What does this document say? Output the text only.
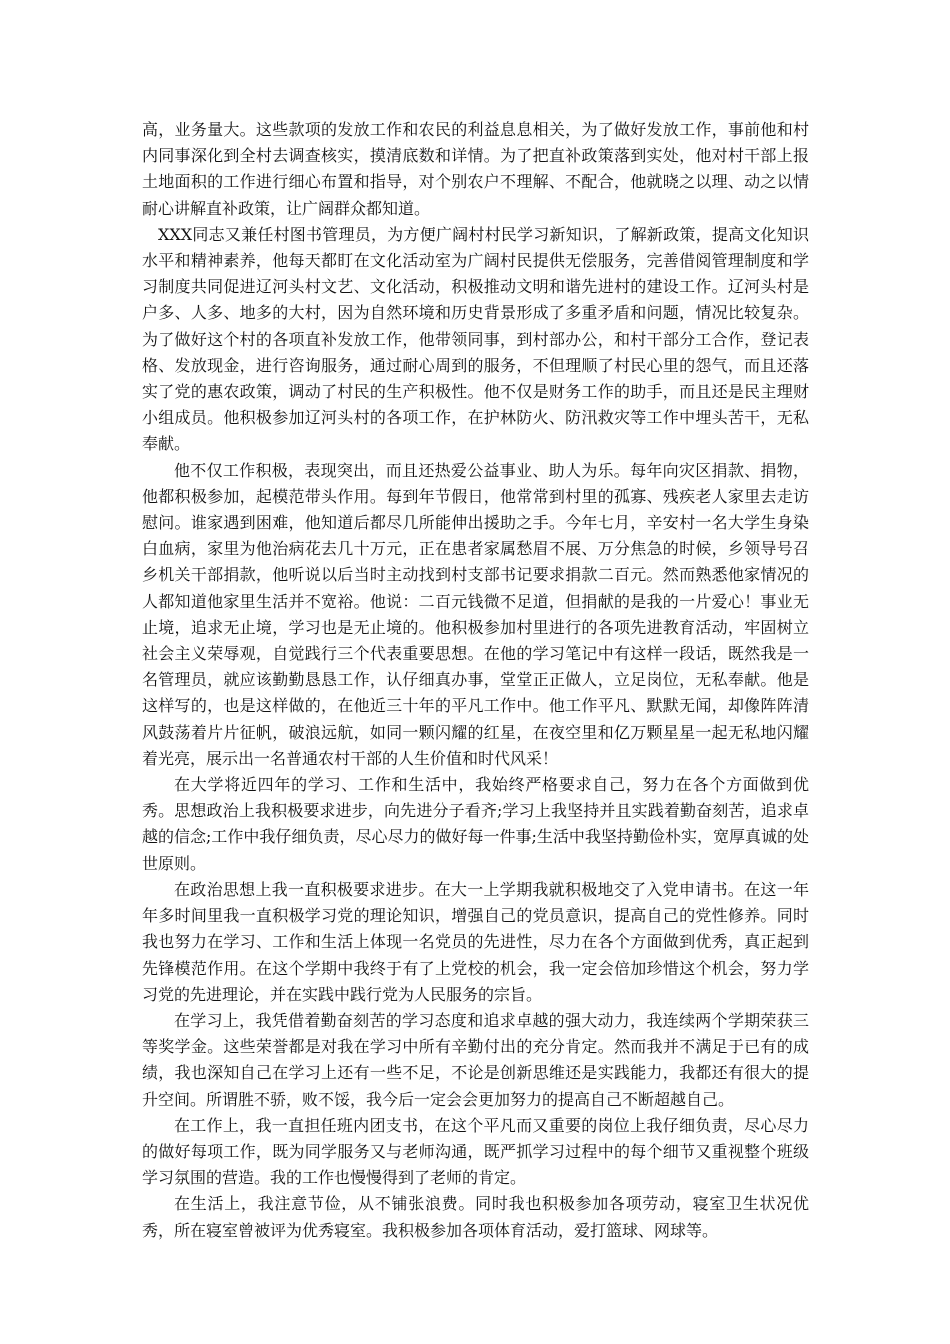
高，业务量大。这些款项的发放工作和农民的利益息息相关，为了做好发放工作，事前他和村内同事深化到全村去调查核实，摸清底数和详情。为了把直补政策落到实处，他对村干部上报土地面积的工作进行细心布置和指导，对个别农户不理解、不配合，他就晓之以理、动之以情耐心讲解直补政策，让广阔群众都知道。

XXX同志又兼任村图书管理员，为方便广阔村村民学习新知识，了解新政策，提高文化知识水平和精神素养，他每天都盯在文化活动室为广阔村民提供无偿服务，完善借阅管理制度和学习制度共同促进辽河头村文艺、文化活动，积极推动文明和谐先进村的建设工作。辽河头村是户多、人多、地多的大村，因为自然环境和历史背景形成了多重矛盾和问题，情况比较复杂。为了做好这个村的各项直补发放工作，他带领同事，到村部办公，和村干部分工合作，登记表格、发放现金，进行咨询服务，通过耐心周到的服务，不但理顺了村民心里的怨气，而且还落实了党的惠农政策，调动了村民的生产积极性。他不仅是财务工作的助手，而且还是民主理财小组成员。他积极参加辽河头村的各项工作，在护林防火、防汛救灾等工作中埋头苦干，无私奉献。

他不仅工作积极，表现突出，而且还热爱公益事业、助人为乐。每年向灾区捐款、捐物，他都积极参加，起模范带头作用。每到年节假日，他常常到村里的孤寡、残疾老人家里去走访慰问。谁家遇到困难，他知道后都尽几所能伸出援助之手。今年七月，辛安村一名大学生身染白血病，家里为他治病花去几十万元，正在患者家属愁眉不展、万分焦急的时候，乡领导号召乡机关干部捐款，他听说以后当时主动找到村支部书记要求捐款二百元。然而熟悉他家情况的人都知道他家里生活并不宽裕。他说：二百元钱微不足道，但捐献的是我的一片爱心！事业无止境，追求无止境，学习也是无止境的。他积极参加村里进行的各项先进教育活动，牢固树立社会主义荣辱观，自觉践行三个代表重要思想。在他的学习笔记中有这样一段话，既然我是一名管理员，就应该勤勤恳恳工作，认仔细真办事，堂堂正正做人，立足岗位，无私奉献。他是这样写的，也是这样做的，在他近三十年的平凡工作中。他工作平凡、默默无闻，却像阵阵清风鼓荡着片片征帆，破浪远航，如同一颗闪耀的红星，在夜空里和亿万颗星星一起无私地闪耀着光亮，展示出一名普通农村干部的人生价值和时代风采！

在大学将近四年的学习、工作和生活中，我始终严格要求自己，努力在各个方面做到优秀。思想政治上我积极要求进步，向先进分子看齐;学习上我坚持并且实践着勤奋刻苦，追求卓越的信念;工作中我仔细负责，尽心尽力的做好每一件事;生活中我坚持勤俭朴实，宽厚真诚的处世原则。

在政治思想上我一直积极要求进步。在大一上学期我就积极地交了入党申请书。在这一年年多时间里我一直积极学习党的理论知识，增强自己的党员意识，提高自己的党性修养。同时我也努力在学习、工作和生活上体现一名党员的先进性，尽力在各个方面做到优秀，真正起到先锋模范作用。在这个学期中我终于有了上党校的机会，我一定会倍加珍惜这个机会，努力学习党的先进理论，并在实践中践行党为人民服务的宗旨。

在学习上，我凭借着勤奋刻苦的学习态度和追求卓越的强大动力，我连续两个学期荣获三等奖学金。这些荣誉都是对我在学习中所有辛勤付出的充分肯定。然而我并不满足于已有的成绩，我也深知自己在学习上还有一些不足，不论是创新思维还是实践能力，我都还有很大的提升空间。所谓胜不骄，败不馁，我今后一定会会更加努力的提高自己不断超越自己。

在工作上，我一直担任班内团支书，在这个平凡而又重要的岗位上我仔细负责，尽心尽力的做好每项工作，既为同学服务又与老师沟通，既严抓学习过程中的每个细节又重视整个班级学习氛围的营造。我的工作也慢慢得到了老师的肯定。

在生活上，我注意节俭，从不铺张浪费。同时我也积极参加各项劳动，寝室卫生状况优秀，所在寝室曾被评为优秀寝室。我积极参加各项体育活动，爱打篮球、网球等。
